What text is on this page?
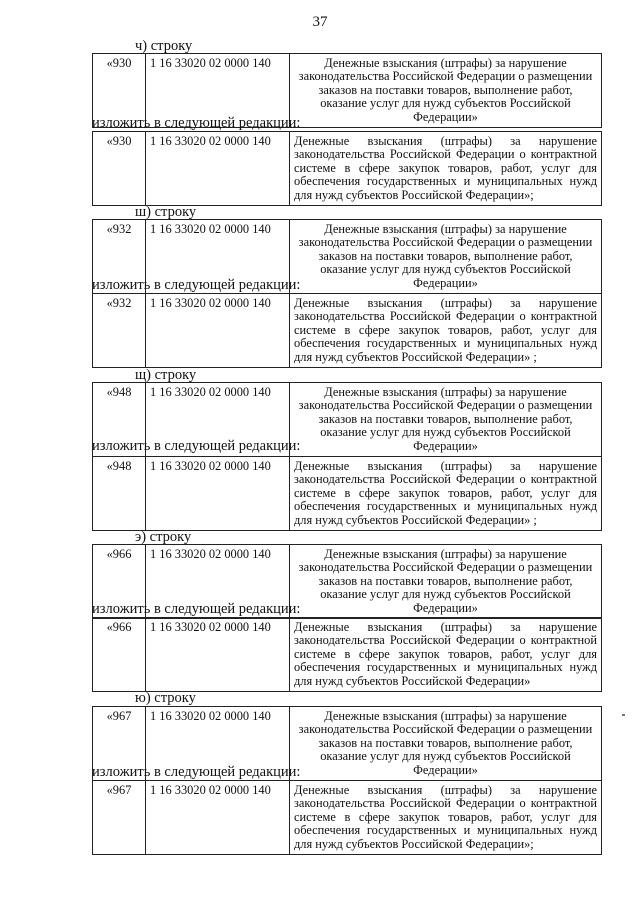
37
ч) строку
«930	1 16 33020 02 0000 140	Денежные взыскания (штрафы) за нарушение законодательства Российской Федерации о размещении заказов на поставки товаров, выполнение работ, оказание услуг для нужд субъектов Российской Федерации»
изложить в следующей редакции:
«930	1 16 33020 02 0000 140	Денежные взыскания (штрафы) за нарушение законодательства Российской Федерации о контрактной системе в сфере закупок товаров, работ, услуг для обеспечения государственных и муниципальных нужд для нужд субъектов Российской Федерации»;
ш) строку
«932	1 16 33020 02 0000 140	Денежные взыскания (штрафы) за нарушение законодательства Российской Федерации о размещении заказов на поставки товаров, выполнение работ, оказание услуг для нужд субъектов Российской Федерации»
изложить в следующей редакции:
«932	1 16 33020 02 0000 140	Денежные взыскания (штрафы) за нарушение законодательства Российской Федерации о контрактной системе в сфере закупок товаров, работ, услуг для обеспечения государственных и муниципальных нужд для нужд субъектов Российской Федерации» ;
щ) строку
«948	1 16 33020 02 0000 140	Денежные взыскания (штрафы) за нарушение законодательства Российской Федерации о размещении заказов на поставки товаров, выполнение работ, оказание услуг для нужд субъектов Российской Федерации»
изложить в следующей редакции:
«948	1 16 33020 02 0000 140	Денежные взыскания (штрафы) за нарушение законодательства Российской Федерации о контрактной системе в сфере закупок товаров, работ, услуг для обеспечения государственных и муниципальных нужд для нужд субъектов Российской Федерации» ;
э) строку
«966	1 16 33020 02 0000 140	Денежные взыскания (штрафы) за нарушение законодательства Российской Федерации о размещении заказов на поставки товаров, выполнение работ, оказание услуг для нужд субъектов Российской Федерации»
изложить в следующей редакции:
«966	1 16 33020 02 0000 140	Денежные взыскания (штрафы) за нарушение законодательства Российской Федерации о контрактной системе в сфере закупок товаров, работ, услуг для обеспечения государственных и муниципальных нужд для нужд субъектов Российской Федерации»
ю) строку
«967	1 16 33020 02 0000 140	Денежные взыскания (штрафы) за нарушение законодательства Российской Федерации о размещении заказов на поставки товаров, выполнение работ, оказание услуг для нужд субъектов Российской Федерации»
изложить в следующей редакции:
«967	1 16 33020 02 0000 140	Денежные взыскания (штрафы) за нарушение законодательства Российской Федерации о контрактной системе в сфере закупок товаров, работ, услуг для обеспечения государственных и муниципальных нужд для нужд субъектов Российской Федерации»;
